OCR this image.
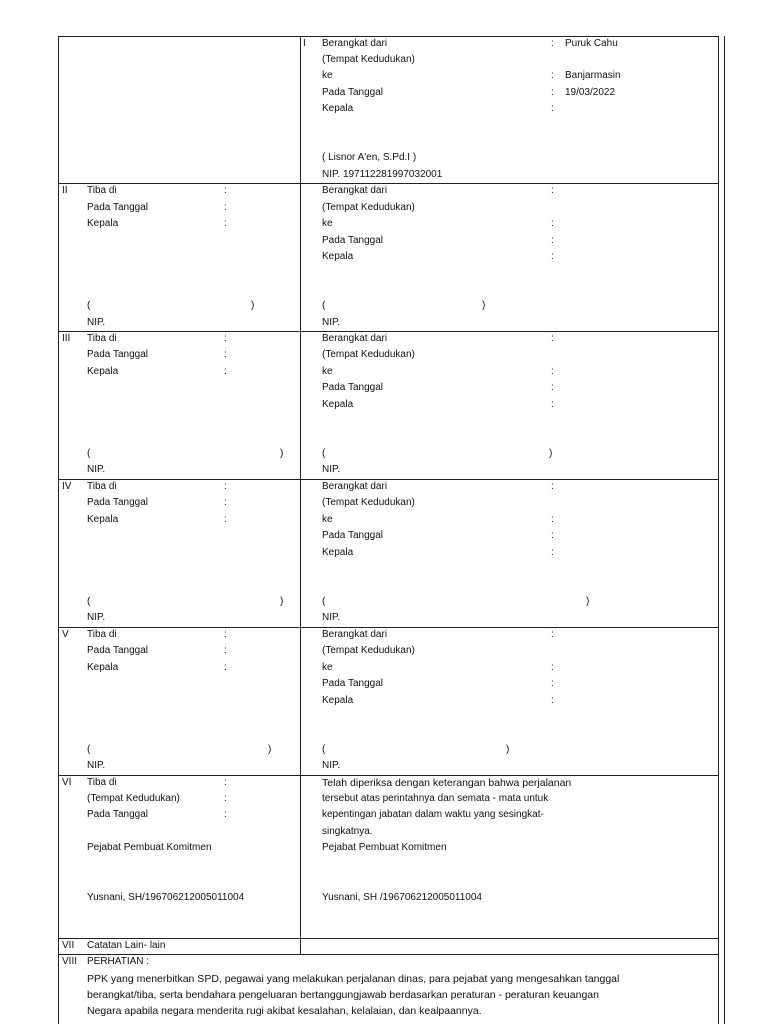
I Berangkat dari	: Puruk Cahu
(Tempat Kedudukan)
ke	: Banjarmasin
Pada Tanggal	: 19/03/2022
Kepala	:
( Lisnor A'en, S.Pd.I )
NIP. 197112281997032001
II Tiba di	:
Pada Tanggal	:
Kepala	:
(	)
NIP.
Berangkat dari	:
(Tempat Kedudukan)
ke	:
Pada Tanggal	:
Kepala	:
(	)
NIP.
III Tiba di	:
Pada Tanggal	:
Kepala	:
(	)
NIP.
Berangkat dari	:
(Tempat Kedudukan)
ke	:
Pada Tanggal	:
Kepala	:
(	)
NIP.
IV Tiba di	:
Pada Tanggal	:
Kepala	:
(	)
NIP.
Berangkat dari	:
(Tempat Kedudukan)
ke	:
Pada Tanggal	:
Kepala	:
(	)
NIP.
V Tiba di	:
Pada Tanggal	:
Kepala	:
(	)
NIP.
Berangkat dari	:
(Tempat Kedudukan)
ke	:
Pada Tanggal	:
Kepala	:
(	)
NIP.
VI Tiba di	:
(Tempat Kedudukan)	:
Pada Tanggal	:
Pejabat Pembuat Komitmen
Yusnani, SH/196706212005011004
Telah diperiksa dengan keterangan bahwa perjalanan
tersebut atas perintahnya dan semata - mata untuk
kepentingan jabatan dalam waktu yang sesingkat-
singkatnya.
Pejabat Pembuat Komitmen
Yusnani, SH /196706212005011004
VII Catatan Lain- lain
VIII PERHATIAN :
PPK yang menerbitkan SPD, pegawai yang melakukan perjalanan dinas, para pejabat yang mengesahkan tanggal
berangkat/tiba, serta bendahara pengeluaran bertanggungjawab berdasarkan peraturan - peraturan keuangan
Negara apabila negara menderita rugi akibat kesalahan, kelalaian, dan kealpaannya.
